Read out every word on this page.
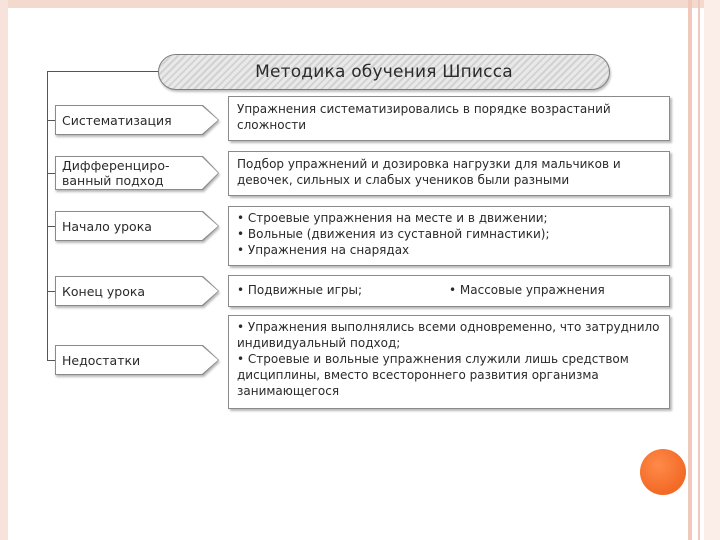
Методика обучения Шписса
Систематизация

Упражнения систематизировались в порядке возрастаний сложности

Дифференциро-
ванный подход

Подбор упражнений и дозировка нагрузки для мальчиков и девочек, сильных и слабых учеников были разными

Начало урока

• Строевые упражнения на месте и в движении;

• Вольные (движения из суставной гимнастики);

• Упражнения на снарядах

Конец урока	• Подвижные игры;	• Массовые упражнения

Недостатки

• Упражнения выполнялись всеми одновременно, что затруднило индивидуальный подход;

• Строевые и вольные упражнения служили лишь средством дисциплины, вместо всестороннего развития организма занимающегося
